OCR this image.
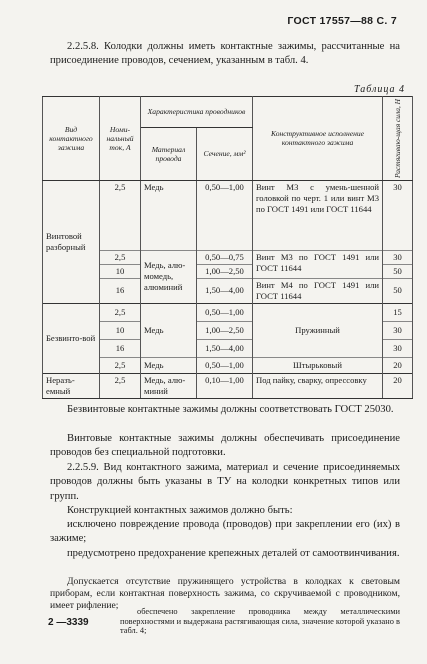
ГОСТ 17557—88 С. 7
2.2.5.8. Колодки должны иметь контактные зажимы, рассчитанные на присоединение проводов, сечением, указанным в табл. 4.
Таблица 4
Вид контактного зажима	Номи-нальный ток, А	Характеристика проводников		Конструктивное исполнение контактного зажима	Растягиваю-щая сила, Н

		Материал провода	Сечение, мм²		
Винтовой разборный	2,5	Медь	0,50—1,00	Винт М3 с умень-шенной головкой по черт. 1 или винт М3 по ГОСТ 1491 или ГОСТ 11644	30
	2,5	Медь, алю-момедь, алюминий	0,50—0,75	Винт М3 по ГОСТ 1491 или ГОСТ 11644	30
	10		1,00—2,50		50
	16		1,50—4,00	Винт М4 по ГОСТ 1491 или ГОСТ 11644	50
Безвинто-вой	2,5	Медь	0,50—1,00	Пружинный	15
	10		1,00—2,50		30
	16		1,50—4,00		30
	2,5	Медь	0,50—1,00	Штырьковый	20
Неразъ-емный	2,5	Медь, алю-миний	0,10—1,00	Под пайку, сварку, опрессовку	20
Безвинтовые контактные зажимы должны соответствовать ГОСТ 25030.
Винтовые контактные зажимы должны обеспечивать присоединение проводов без специальной подготовки.
2.2.5.9. Вид контактного зажима, материал и сечение присоединяемых проводов должны быть указаны в ТУ на колодки конкретных типов или групп.
Конструкцией контактных зажимов должно быть:
исключено повреждение провода (проводов) при закреплении его (их) в зажиме;
предусмотрено предохранение крепежных деталей от самоотвинчивания.
Допускается отсутствие пружинящего устройства в колодках к световым приборам, если контактная поверхность зажима, со скручиваемой с проводником, имеет рифление;
обеспечено закрепление проводника между металлическими поверхностями и выдержана растягивающая сила, значение которой указано в табл. 4;
2 —3339
